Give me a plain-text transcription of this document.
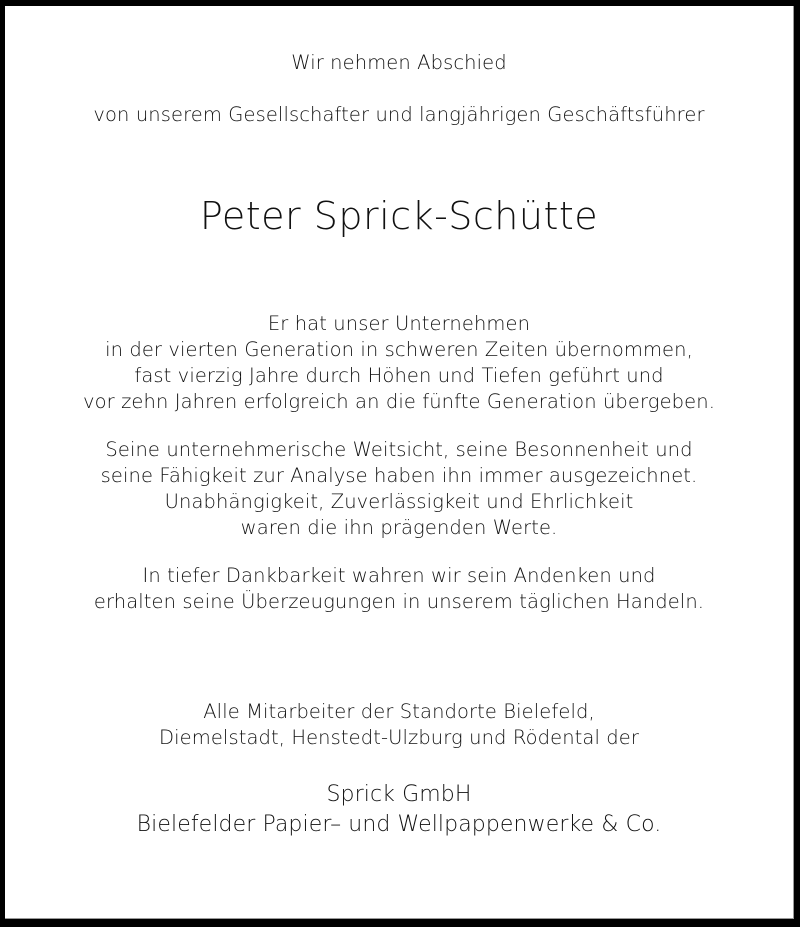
Wir nehmen Abschied
von unserem Gesellschafter und langjährigen Geschäftsführer
Peter Sprick-Schütte
Er hat unser Unternehmen
in der vierten Generation in schweren Zeiten übernommen,
fast vierzig Jahre durch Höhen und Tiefen geführt und
vor zehn Jahren erfolgreich an die fünfte Generation übergeben.
Seine unternehmerische Weitsicht, seine Besonnenheit und
seine Fähigkeit zur Analyse haben ihn immer ausgezeichnet.
Unabhängigkeit, Zuverlässigkeit und Ehrlichkeit
waren die ihn prägenden Werte.
In tiefer Dankbarkeit wahren wir sein Andenken und
erhalten seine Überzeugungen in unserem täglichen Handeln.
Alle Mitarbeiter der Standorte Bielefeld,
Diemelstadt, Henstedt-Ulzburg und Rödental der
Sprick GmbH
Bielefelder Papier– und Wellpappenwerke & Co.
